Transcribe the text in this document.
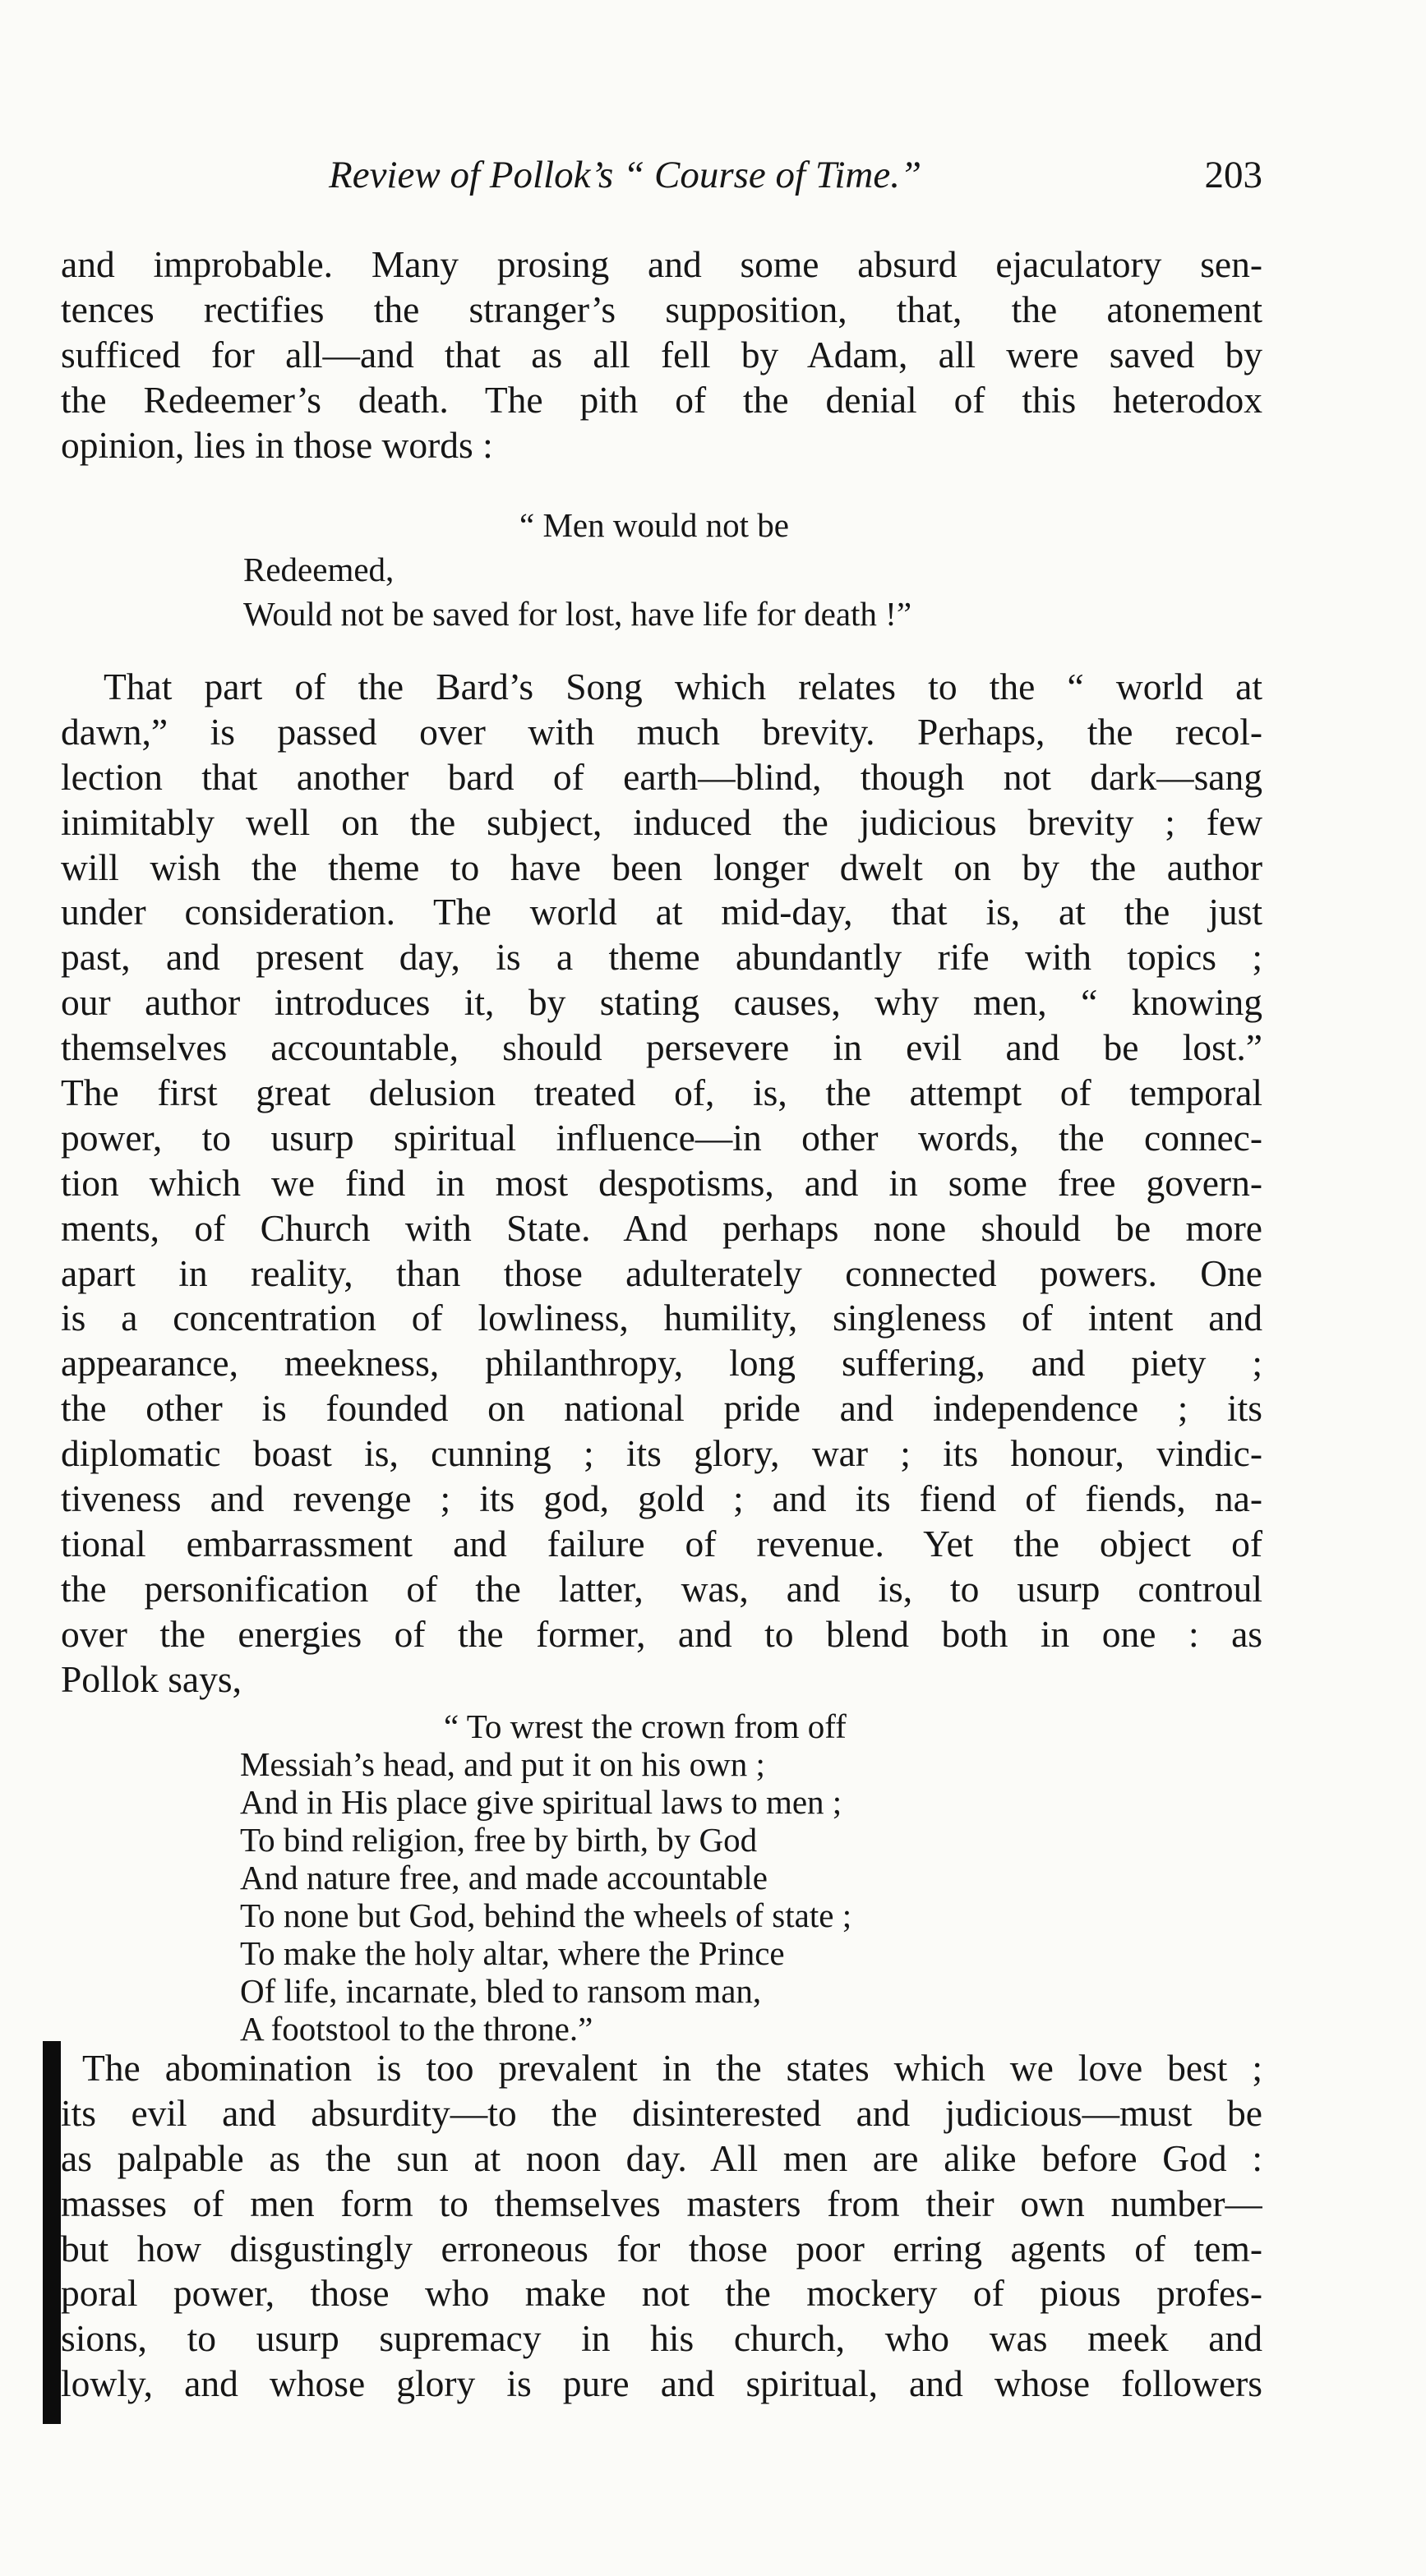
Review of Pollok’s “ Course of Time.”	203
and improbable. Many prosing and some absurd ejaculatory sen-
tences rectifies the stranger’s supposition, that, the atonement
sufficed for all—and that as all fell by Adam, all were saved by
the Redeemer’s death. The pith of the denial of this heterodox
opinion, lies in those words :
“ Men would not be
Redeemed,
Would not be saved for lost, have life for death !”
That part of the Bard’s Song which relates to the “ world at
dawn,” is passed over with much brevity. Perhaps, the recol-
lection that another bard of earth—blind, though not dark—sang
inimitably well on the subject, induced the judicious brevity ; few
will wish the theme to have been longer dwelt on by the author
under consideration. The world at mid-day, that is, at the just
past, and present day, is a theme abundantly rife with topics ;
our author introduces it, by stating causes, why men, “ knowing
themselves accountable, should persevere in evil and be lost.”
The first great delusion treated of, is, the attempt of temporal
power, to usurp spiritual influence—in other words, the connec-
tion which we find in most despotisms, and in some free govern-
ments, of Church with State. And perhaps none should be more
apart in reality, than those adulterately connected powers. One
is a concentration of lowliness, humility, singleness of intent and
appearance, meekness, philanthropy, long suffering, and piety ;
the other is founded on national pride and independence ; its
diplomatic boast is, cunning ; its glory, war ; its honour, vindic-
tiveness and revenge ; its god, gold ; and its fiend of fiends, na-
tional embarrassment and failure of revenue. Yet the object of
the personification of the latter, was, and is, to usurp controul
over the energies of the former, and to blend both in one : as
Pollok says,
“ To wrest the crown from off
Messiah’s head, and put it on his own ;
And in His place give spiritual laws to men ;
To bind religion, free by birth, by God
And nature free, and made accountable
To none but God, behind the wheels of state ;
To make the holy altar, where the Prince
Of life, incarnate, bled to ransom man,
A footstool to the throne.”
The abomination is too prevalent in the states which we love best ;
its evil and absurdity—to the disinterested and judicious—must be
as palpable as the sun at noon day. All men are alike before God :
masses of men form to themselves masters from their own number—
but how disgustingly erroneous for those poor erring agents of tem-
poral power, those who make not the mockery of pious profes-
sions, to usurp supremacy in his church, who was meek and
lowly, and whose glory is pure and spiritual, and whose followers
